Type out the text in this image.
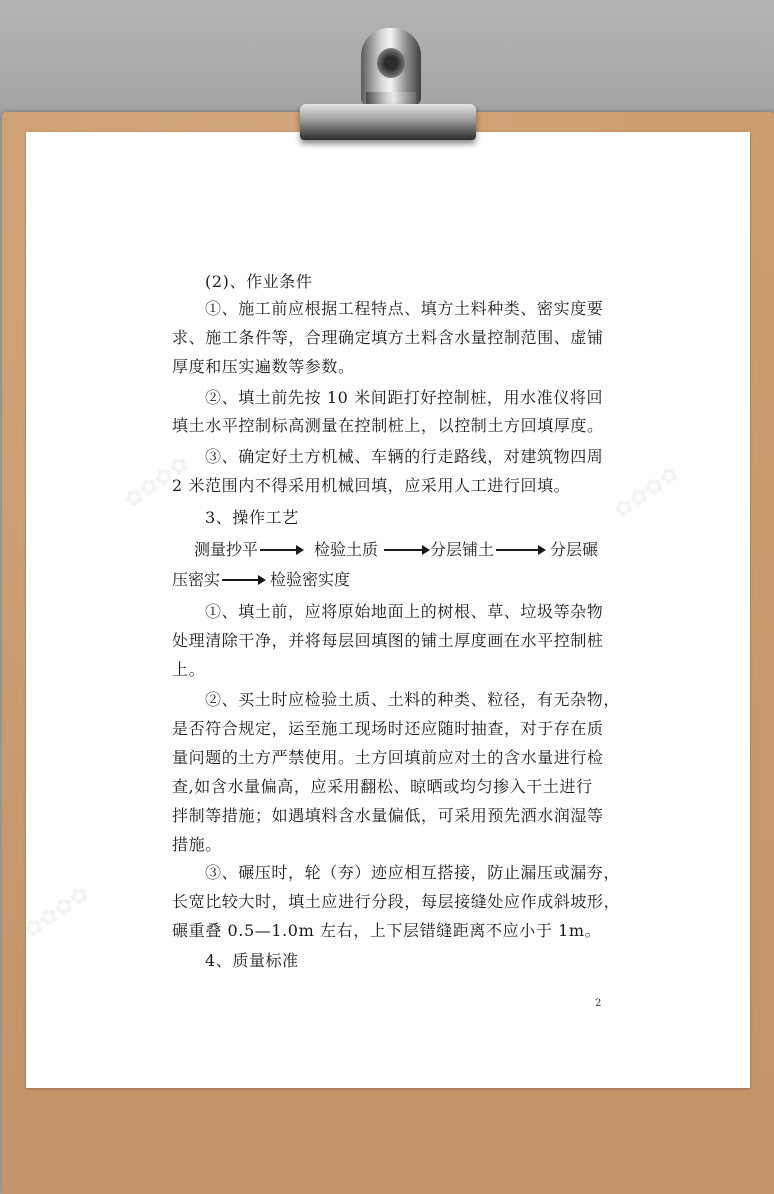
✿✿✿✿	✿✿✿✿
✿✿✿✿
(2)、作业条件
①、施工前应根据工程特点、填方土料种类、密实度要
求、施工条件等，合理确定填方土料含水量控制范围、虚铺
厚度和压实遍数等参数。
②、填土前先按 10 米间距打好控制桩，用水准仪将回
填土水平控制标高测量在控制桩上，以控制土方回填厚度。
③、确定好土方机械、车辆的行走路线，对建筑物四周
2 米范围内不得采用机械回填，应采用人工进行回填。
3、操作工艺
测量抄平	检验土质	分层铺土	分层碾
压密实	检验密实度
①、填土前，应将原始地面上的树根、草、垃圾等杂物
处理清除干净，并将每层回填图的铺土厚度画在水平控制桩
上。
②、买土时应检验土质、土料的种类、粒径，有无杂物，
是否符合规定，运至施工现场时还应随时抽查，对于存在质
量问题的土方严禁使用。土方回填前应对土的含水量进行检
查,如含水量偏高，应采用翻松、晾晒或均匀掺入干土进行
拌制等措施；如遇填料含水量偏低，可采用预先洒水润湿等
措施。
③、碾压时，轮（夯）迹应相互搭接，防止漏压或漏夯，
长宽比较大时，填土应进行分段，每层接缝处应作成斜坡形，
碾重叠 0.5—1.0m 左右，上下层错缝距离不应小于 1m。
4、质量标准
2
